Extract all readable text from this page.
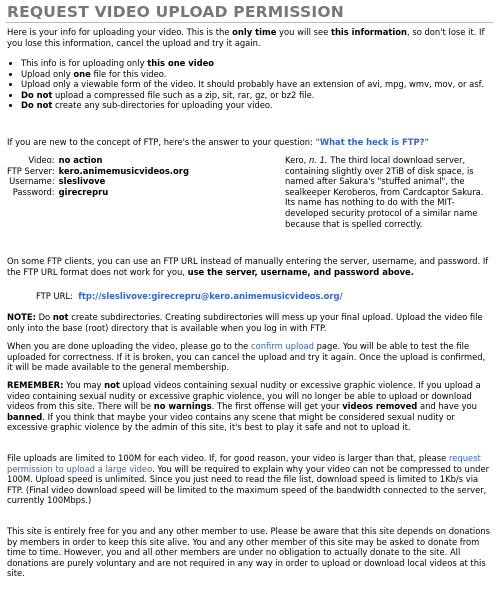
REQUEST VIDEO UPLOAD PERMISSION

Here is your info for uploading your video. This is the only time you will see this information, so don't lose it. If you lose this information, cancel the upload and try it again.

• This info is for uploading only this one video
• Upload only one file for this video.
• Upload only a viewable form of the video. It should probably have an extension of avi, mpg, wmv, mov, or asf.
• Do not upload a compressed file such as a zip, sit, rar, gz, or bz2 file.
• Do not create any sub-directories for uploading your video.

If you are new to the concept of FTP, here's the answer to your question: "What the heck is FTP?"

Video:	no action
FTP Server:	kero.animemusicvideos.org
Username:	sleslivove
Password:	girecrepru
Kero, n. 1. The third local download server, containing slightly over 2TiB of disk space, is named after Sakura's "stuffed animal", the sealkeeper Keroberos, from Cardcaptor Sakura. Its name has nothing to do with the MIT-developed security protocol of a similar name because that is spelled correctly.

On some FTP clients, you can use an FTP URL instead of manually entering the server, username, and password. If the FTP URL format does not work for you, use the server, username, and password above.

FTP URL: ftp://sleslivove:girecrepru@kero.animemusicvideos.org/

NOTE: Do not create subdirectories. Creating subdirectories will mess up your final upload. Upload the video file only into the base (root) directory that is available when you log in with FTP.

When you are done uploading the video, please go to the confirm upload page. You will be able to test the file uploaded for correctness. If it is broken, you can cancel the upload and try it again. Once the upload is confirmed, it will be made available to the general membership.

REMEMBER: You may not upload videos containing sexual nudity or excessive graphic violence. If you upload a video containing sexual nudity or excessive graphic violence, you will no longer be able to upload or download videos from this site. There will be no warnings. The first offense will get your videos removed and have you banned. If you think that maybe your video contains any scene that might be considered sexual nudity or excessive graphic violence by the admin of this site, it's best to play it safe and not to upload it.

File uploads are limited to 100M for each video. If, for good reason, your video is larger than that, please request permission to upload a large video. You will be required to explain why your video can not be compressed to under 100M. Upload speed is unlimited. Since you just need to read the file list, download speed is limited to 1Kb/s via FTP. (Final video download speed will be limited to the maximum speed of the bandwidth connected to the server, currently 100Mbps.)

This site is entirely free for you and any other member to use. Please be aware that this site depends on donations by members in order to keep this site alive. You and any other member of this site may be asked to donate from time to time. However, you and all other members are under no obligation to actually donate to the site. All donations are purely voluntary and are not required in any way in order to upload or download local videos at this site.
